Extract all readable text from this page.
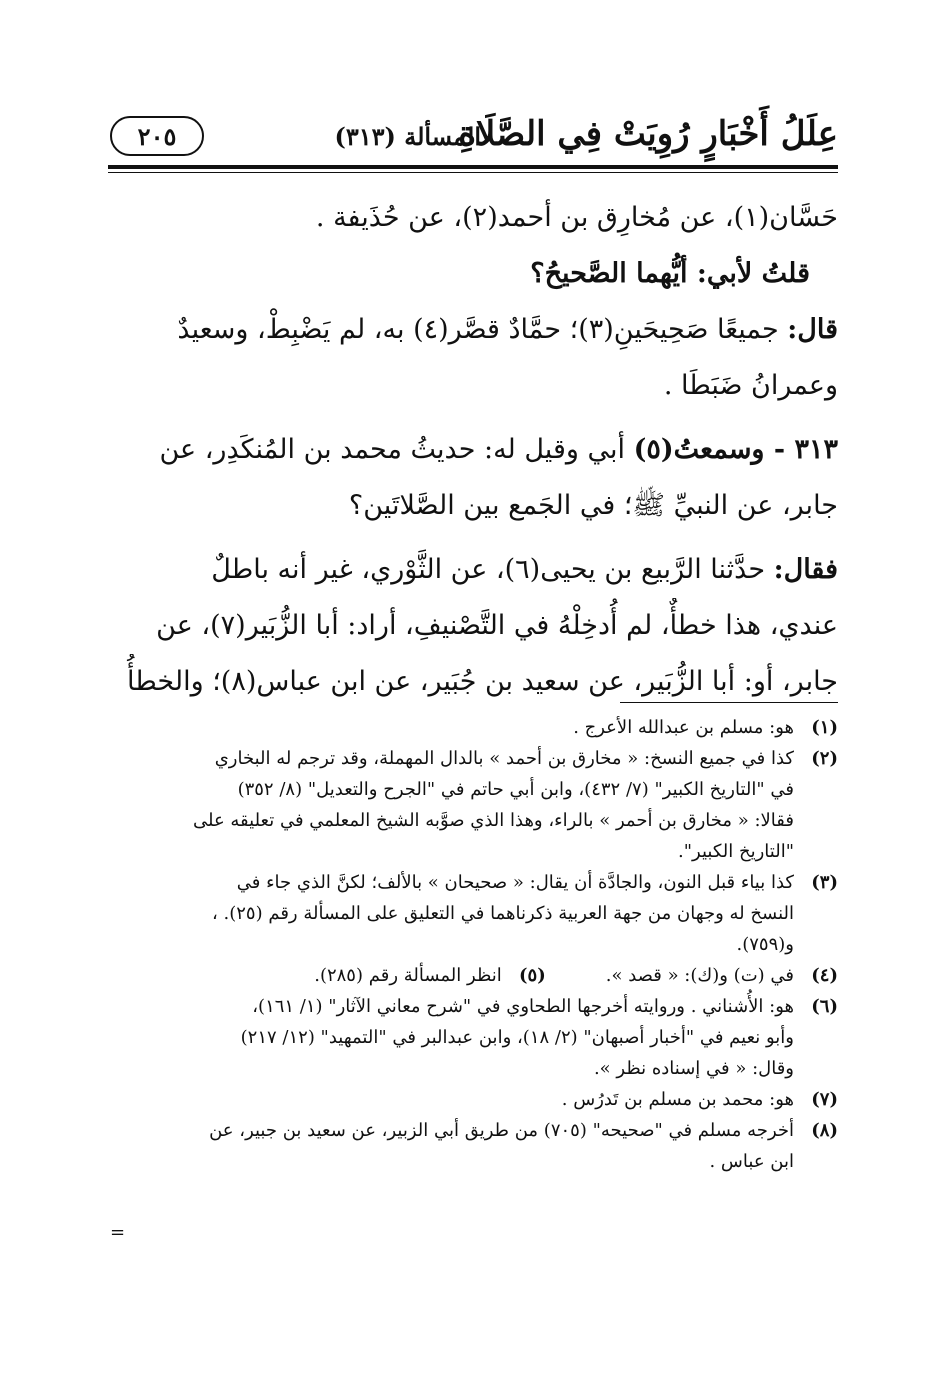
عِلَلُ أَخْبَارٍ رُوِيَتْ فِي الصَّلَاةِ
المسألة (٣١٣)
٢٠٥
حَسَّان(١)، عن مُخارِق بن أحمد(٢)، عن حُذَيفة .
قلتُ لأبي: أيُّهما الصَّحيحُ؟
قال: جميعًا صَحِيحَينِ(٣)؛ حمَّادٌ قصَّر(٤) به، لم يَضْبِطْ، وسعيدٌ
وعمرانُ ضَبَطَا .
٣١٣ - وسمعتُ(٥) أبي وقيل له: حديثُ محمد بن المُنكَدِر، عن
جابر، عن النبيِّ ﷺ؛ في الجَمع بين الصَّلاتَين؟
فقال: حدَّثنا الرَّبيع بن يحيى(٦)، عن الثَّوْري، غير أنه باطلٌ
عندي، هذا خطأٌ، لم أُدخِلْهُ في التَّصْنيفِ، أراد: أبا الزُّبَير(٧)، عن
جابر، أو: أبا الزُّبَير، عن سعيد بن جُبَير، عن ابن عباس(٨)؛ والخطأُ
(١)
هو: مسلم بن عبدالله الأعرج .
(٢)
كذا في جميع النسخ: « مخارق بن أحمد » بالدال المهملة، وقد ترجم له البخاري
في "التاريخ الكبير" (٧/ ٤٣٢)، وابن أبي حاتم في "الجرح والتعديل" (٨/ ٣٥٢)
فقالا: « مخارق بن أحمر » بالراء، وهذا الذي صوَّبه الشيخ المعلمي في تعليقه على
"التاريخ الكبير".
(٣)
كذا بياء قبل النون، والجادَّة أن يقال: « صحيحان » بالألف؛ لكنَّ الذي جاء في
النسخ له وجهان من جهة العربية ذكرناهما في التعليق على المسألة رقم (٢٥). ،
و(٧٥٩).
(٤)
في (ت) و(ك): « قصد ».
(٥)
انظر المسألة رقم (٢٨٥).
(٦)
هو: الأُشناني . وروايته أخرجها الطحاوي في "شرح معاني الآثار" (١/ ١٦١)،
وأبو نعيم في "أخبار أصبهان" (٢/ ١٨)، وابن عبدالبر في "التمهيد" (١٢/ ٢١٧)
وقال: « في إسناده نظر ».
(٧)
هو: محمد بن مسلم بن تَدرُس .
(٨)
أخرجه مسلم في "صحيحه" (٧٠٥) من طريق أبي الزبير، عن سعيد بن جبير، عن
ابن عباس .
=
